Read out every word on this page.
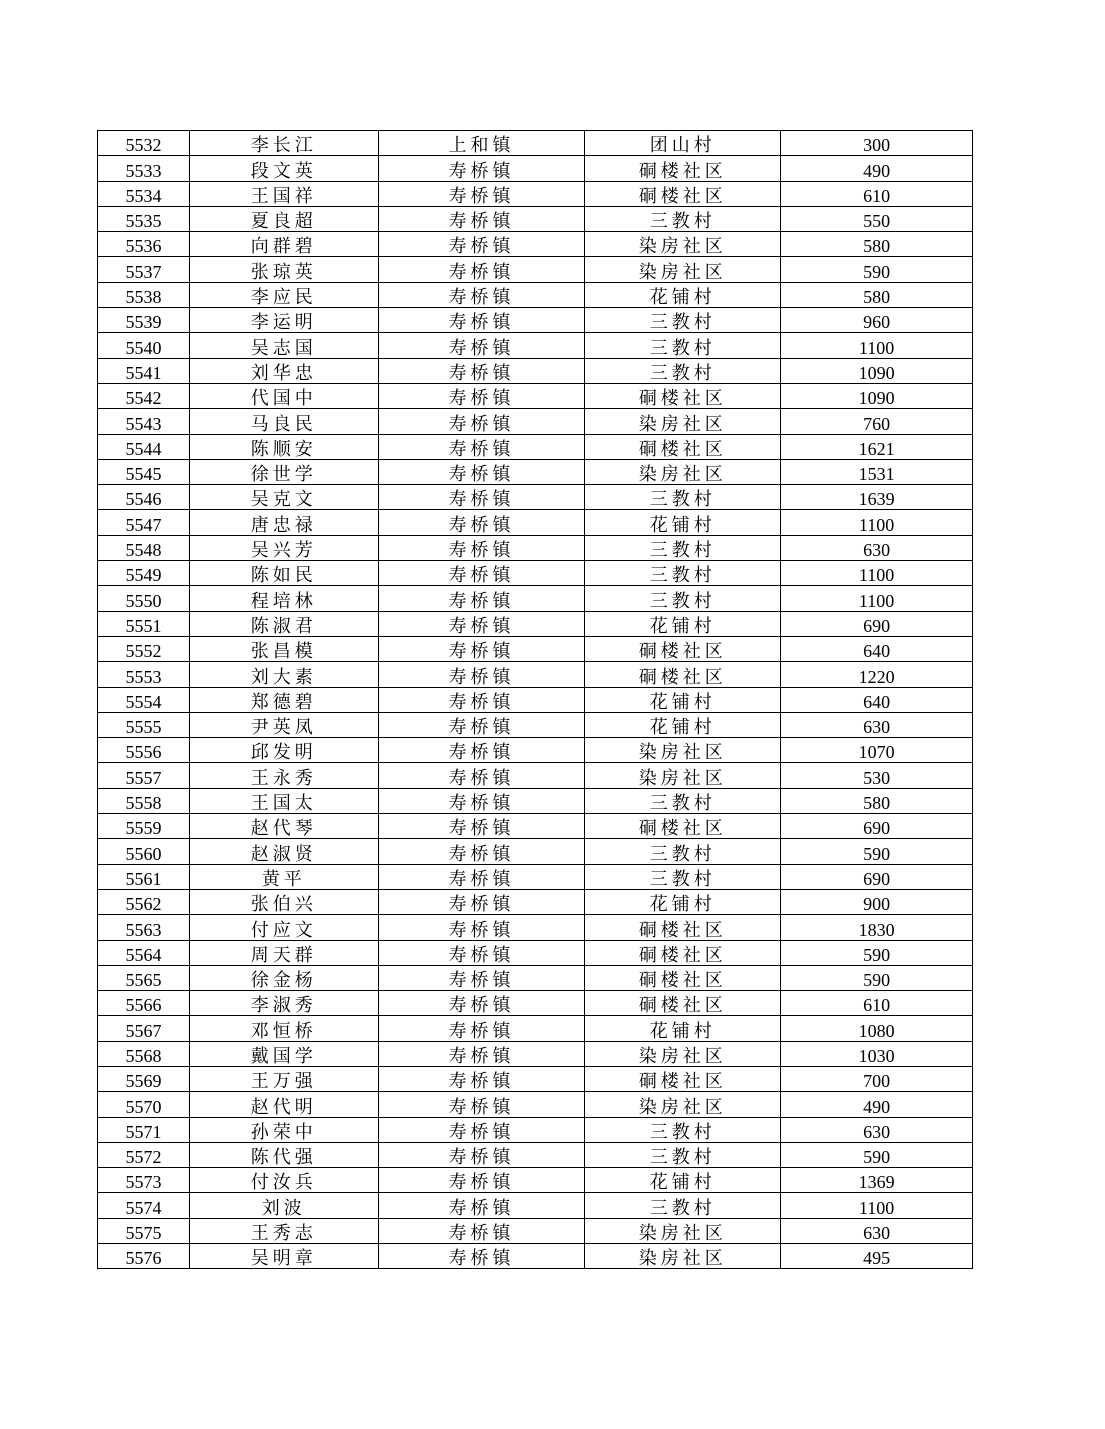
5532	李长江	上和镇	团山村	300
5533	段文英	寿桥镇	硐楼社区	490
5534	王国祥	寿桥镇	硐楼社区	610
5535	夏良超	寿桥镇	三教村	550
5536	向群碧	寿桥镇	染房社区	580
5537	张琼英	寿桥镇	染房社区	590
5538	李应民	寿桥镇	花铺村	580
5539	李运明	寿桥镇	三教村	960
5540	吴志国	寿桥镇	三教村	1100
5541	刘华忠	寿桥镇	三教村	1090
5542	代国中	寿桥镇	硐楼社区	1090
5543	马良民	寿桥镇	染房社区	760
5544	陈顺安	寿桥镇	硐楼社区	1621
5545	徐世学	寿桥镇	染房社区	1531
5546	吴克文	寿桥镇	三教村	1639
5547	唐忠禄	寿桥镇	花铺村	1100
5548	吴兴芳	寿桥镇	三教村	630
5549	陈如民	寿桥镇	三教村	1100
5550	程培林	寿桥镇	三教村	1100
5551	陈淑君	寿桥镇	花铺村	690
5552	张昌模	寿桥镇	硐楼社区	640
5553	刘大素	寿桥镇	硐楼社区	1220
5554	郑德碧	寿桥镇	花铺村	640
5555	尹英凤	寿桥镇	花铺村	630
5556	邱发明	寿桥镇	染房社区	1070
5557	王永秀	寿桥镇	染房社区	530
5558	王国太	寿桥镇	三教村	580
5559	赵代琴	寿桥镇	硐楼社区	690
5560	赵淑贤	寿桥镇	三教村	590
5561	黄平	寿桥镇	三教村	690
5562	张伯兴	寿桥镇	花铺村	900
5563	付应文	寿桥镇	硐楼社区	1830
5564	周天群	寿桥镇	硐楼社区	590
5565	徐金杨	寿桥镇	硐楼社区	590
5566	李淑秀	寿桥镇	硐楼社区	610
5567	邓恒桥	寿桥镇	花铺村	1080
5568	戴国学	寿桥镇	染房社区	1030
5569	王万强	寿桥镇	硐楼社区	700
5570	赵代明	寿桥镇	染房社区	490
5571	孙荣中	寿桥镇	三教村	630
5572	陈代强	寿桥镇	三教村	590
5573	付汝兵	寿桥镇	花铺村	1369
5574	刘波	寿桥镇	三教村	1100
5575	王秀志	寿桥镇	染房社区	630
5576	吴明章	寿桥镇	染房社区	495
